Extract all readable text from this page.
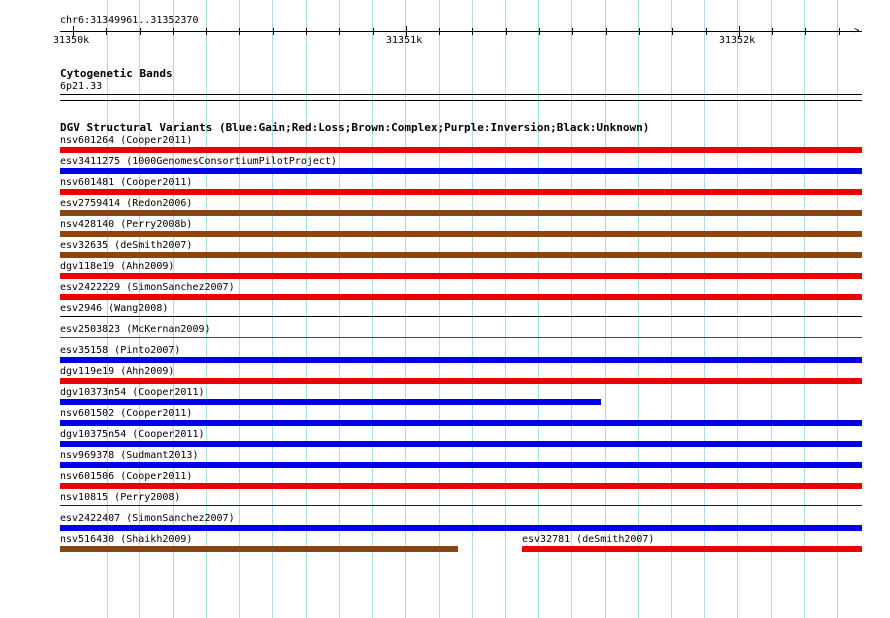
chr6:31349961..31352370
>
31350k	31351k	31352k
Cytogenetic Bands
6p21.33
DGV Structural Variants (Blue:Gain;Red:Loss;Brown:Complex;Purple:Inversion;Black:Unknown)
nsv601264 (Cooper2011)
esv3411275 (1000GenomesConsortiumPilotProject)
nsv601481 (Cooper2011)
esv2759414 (Redon2006)
nsv428140 (Perry2008b)
esv32635 (deSmith2007)
dgv118e19 (Ahn2009)
esv2422229 (SimonSanchez2007)
esv2946 (Wang2008)
esv2503823 (McKernan2009)
esv35158 (Pinto2007)
dgv119e19 (Ahn2009)
dgv10373n54 (Cooper2011)
nsv601502 (Cooper2011)
dgv10375n54 (Cooper2011)
nsv969378 (Sudmant2013)
nsv601506 (Cooper2011)
nsv10815 (Perry2008)
esv2422407 (SimonSanchez2007)
nsv516430 (Shaikh2009)	esv32781 (deSmith2007)
